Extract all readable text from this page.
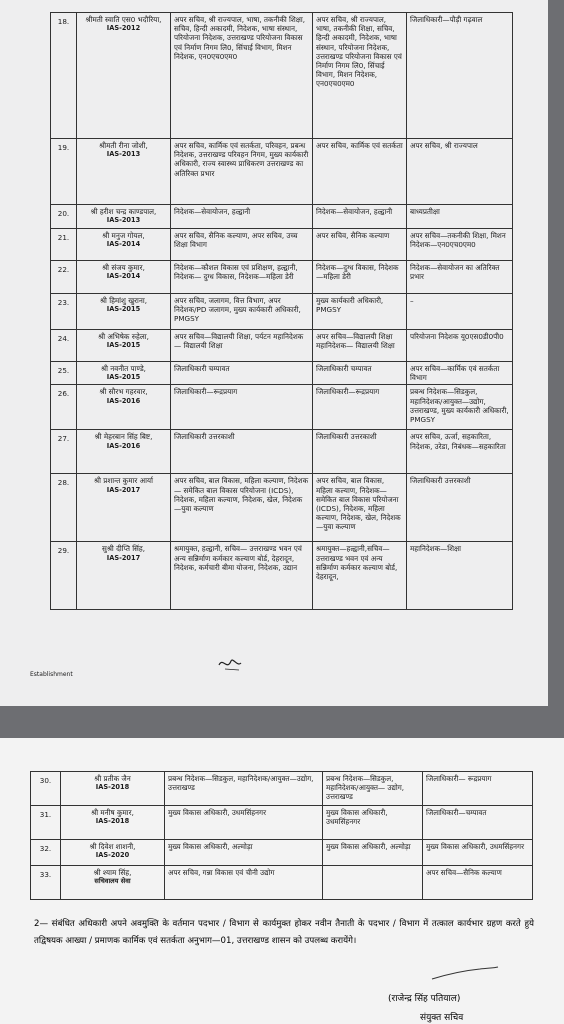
18.	श्रीमती स्वाति एस0 भदौरिया,
IAS-2012	अपर सचिव, श्री राज्यपाल, भाषा, तकनीकी शिक्षा, सचिव, हिन्दी अकादमी, निदेशक, भाषा संस्थान, परियोजना निदेशक, उत्तराखण्ड परियोजना विकास एवं निर्माण निगम लि0, सिंचाई विभाग, मिशन निदेशक, एन0एच0एम0	अपर सचिव, श्री राज्यपाल, भाषा, तकनीकी शिक्षा, सचिव, हिन्दी अकादमी, निदेशक, भाषा संस्थान, परियोजना निदेशक, उत्तराखण्ड परियोजना विकास एवं निर्माण निगम लि0, सिंचाई विभाग, मिशन निदेशक, एन0एच0एम0	जिलाधिकारी—पौड़ी गढ़वाल
19.	श्रीमती रीना जोशी,
IAS-2013	अपर सचिव, कार्मिक एवं सतर्कता, परिवहन, प्रबन्ध निदेशक, उत्तराखण्ड परिवहन निगम, मुख्य कार्यकारी अधिकारी, राज्य स्वास्थ्य प्राधिकरण उत्तराखण्ड का अतिरिक्त प्रभार	अपर सचिव, कार्मिक एवं सतर्कता	अपर सचिव, श्री राज्यपाल
20.	श्री हरीश चन्द्र काण्डपाल,
IAS-2013	निदेशक—सेवायोजन, हल्द्वानी	निदेशक—सेवायोजन, हल्द्वानी	बाध्यप्रतीक्षा
21.	श्री मनुज गोयल,
IAS-2014	अपर सचिव, सैनिक कल्याण, अपर सचिव, उच्च शिक्षा विभाग	अपर सचिव, सैनिक कल्याण	अपर सचिव—तकनीकी शिक्षा, मिशन निदेशक—एन0एच0एम0
22.	श्री संजय कुमार,
IAS-2014	निदेशक—कौशल विकास एवं प्रशिक्षण, हल्द्वानी, निदेशक— दुग्ध विकास, निदेशक—महिला डेरी	निदेशक—दुग्ध विकास, निदेशक—महिला डेरी	निदेशक—सेवायोजन का अतिरिक्त प्रभार
23.	श्री हिमांशु खुराना,
IAS-2015	अपर सचिव, जलागम, वित्त विभाग, अपर निदेशक/PD जलागम, मुख्य कार्यकारी अधिकारी, PMGSY	मुख्य कार्यकारी अधिकारी, PMGSY	–
24.	श्री अभिषेक रुहेला,
IAS-2015	अपर सचिव—विद्यालयी शिक्षा, पर्यटन महानिदेशक— विद्यालयी शिक्षा	अपर सचिव—विद्यालयी शिक्षा महानिदेशक— विद्यालयी शिक्षा	परियोजना निदेशक यू0एस0डी0पी0
25.	श्री नवनीत पाण्डे,
IAS-2015	जिलाधिकारी चम्पावत	जिलाधिकारी चम्पावत	अपर सचिव—कार्मिक एवं सतर्कता विभाग
26.	श्री सौरभ गहरवार,
IAS-2016	जिलाधिकारी—रूद्रप्रयाग	जिलाधिकारी—रूद्रप्रयाग	प्रबन्ध निदेशक—सिडकुल, महानिदेशक/आयुक्त—उद्योग, उत्तराखण्ड, मुख्य कार्यकारी अधिकारी, PMGSY
27.	श्री मेहरबान सिंह बिष्ट,
IAS-2016	जिलाधिकारी उत्तरकाशी	जिलाधिकारी उत्तरकाशी	अपर सचिव, ऊर्जा, सहकारिता, निदेशक, उरेडा, निबंधक—सहकारिता
28.	श्री प्रशान्त कुमार आर्या
IAS-2017	अपर सचिव, बाल विकास, महिला कल्याण, निदेशक— समेकित बाल विकास परियोजना (ICDS), निदेशक, महिला कल्याण, निदेशक, खेल, निदेशक—युवा कल्याण	अपर सचिव, बाल विकास, महिला कल्याण, निदेशक—समेकित बाल विकास परियोजना (ICDS), निदेशक, महिला कल्याण, निदेशक, खेल, निदेशक—युवा कल्याण	जिलाधिकारी उत्तरकाशी
29.	सुश्री दीप्ति सिंह,
IAS-2017	श्रमायुक्त, हल्द्वानी, सचिव— उत्तराखण्ड भवन एवं अन्य सन्निर्माण कर्मकार कल्याण बोर्ड, देहरादून, निदेशक, कर्मचारी बीमा योजना, निदेशक, उद्यान	श्रमायुक्त—हल्द्वानी,सचिव— उत्तराखण्ड भवन एवं अन्य सन्निर्माण कर्मकार कल्याण बोर्ड, देहरादून,	महानिदेशक—शिक्षा
Establishment
30.	श्री प्रतीक जैन
IAS-2018	प्रबन्ध निदेशक—सिडकुल, महानिदेशक/आयुक्त—उद्योग, उत्तराखण्ड	प्रबन्ध निदेशक—सिडकुल, महानिदेशक/आयुक्त— उद्योग, उत्तराखण्ड	जिलाधिकारी— रूद्रप्रयाग
31.	श्री मनीष कुमार,
IAS-2018	मुख्य विकास अधिकारी, उधमसिंहनगर	मुख्य विकास अधिकारी, उधमसिंहनगर	जिलाधिकारी—चम्पावत
32.	श्री दिवेश शाशनी,
IAS-2020	मुख्य विकास अधिकारी, अल्मोड़ा	मुख्य विकास अधिकारी, अल्मोड़ा	मुख्य विकास अधिकारी, उधमसिंहनगर
33.	श्री श्याम सिंह,
सचिवालय सेवा	अपर सचिव, गन्ना विकास एवं चीनी उद्योग		अपर सचिव—सैनिक कल्याण
2— संबंधित अधिकारी अपने अवमुक्ति के वर्तमान पदभार / विभाग से कार्यमुक्त होकर नवीन तैनाती के पदभार / विभाग में तत्काल कार्यभार ग्रहण करते हुये तद्विषयक आख्या / प्रमाणक कार्मिक एवं सतर्कता अनुभाग—01, उत्तराखण्ड शासन को उपलब्ध करायेंगे।
(राजेन्द्र सिंह पतियाल)
संयुक्त सचिव
